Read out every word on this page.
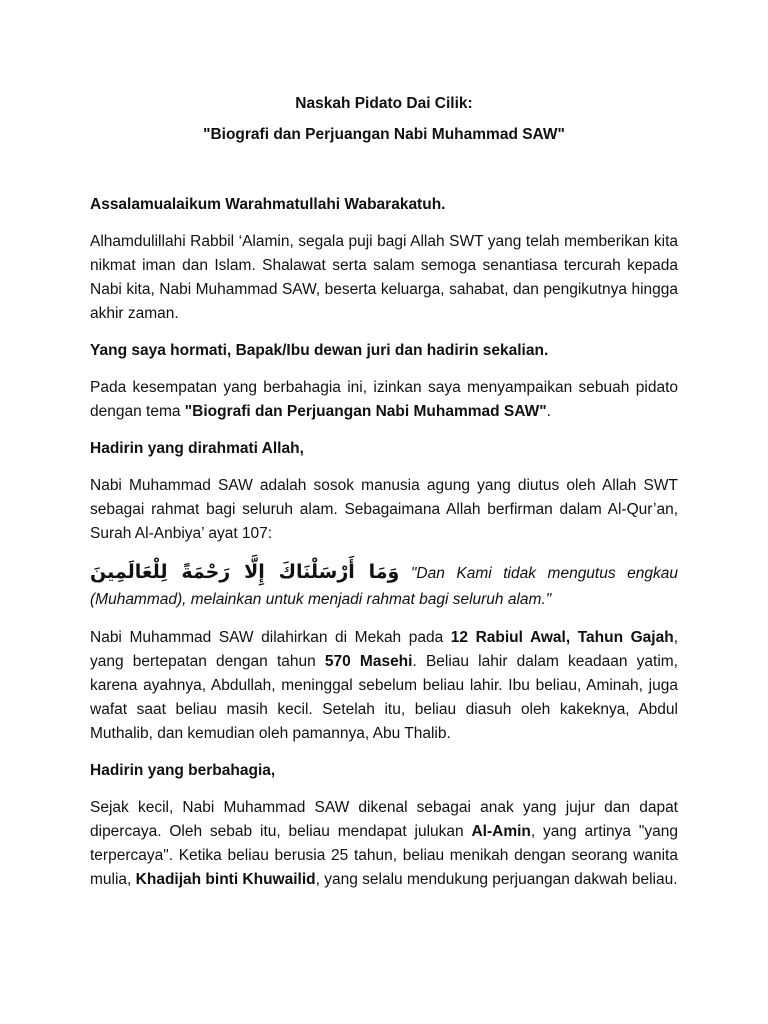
Naskah Pidato Dai Cilik:

"Biografi dan Perjuangan Nabi Muhammad SAW"

Assalamualaikum Warahmatullahi Wabarakatuh.

Alhamdulillahi Rabbil ‘Alamin, segala puji bagi Allah SWT yang telah memberikan kita nikmat iman dan Islam. Shalawat serta salam semoga senantiasa tercurah kepada Nabi kita, Nabi Muhammad SAW, beserta keluarga, sahabat, dan pengikutnya hingga akhir zaman.

Yang saya hormati, Bapak/Ibu dewan juri dan hadirin sekalian.

Pada kesempatan yang berbahagia ini, izinkan saya menyampaikan sebuah pidato dengan tema "Biografi dan Perjuangan Nabi Muhammad SAW".

Hadirin yang dirahmati Allah,

Nabi Muhammad SAW adalah sosok manusia agung yang diutus oleh Allah SWT sebagai rahmat bagi seluruh alam. Sebagaimana Allah berfirman dalam Al-Qur’an, Surah Al-Anbiya’ ayat 107:

وَمَا أَرْسَلْنَاكَ إِلَّا رَحْمَةً لِلْعَالَمِينَ "Dan Kami tidak mengutus engkau (Muhammad), melainkan untuk menjadi rahmat bagi seluruh alam."

Nabi Muhammad SAW dilahirkan di Mekah pada 12 Rabiul Awal, Tahun Gajah, yang bertepatan dengan tahun 570 Masehi. Beliau lahir dalam keadaan yatim, karena ayahnya, Abdullah, meninggal sebelum beliau lahir. Ibu beliau, Aminah, juga wafat saat beliau masih kecil. Setelah itu, beliau diasuh oleh kakeknya, Abdul Muthalib, dan kemudian oleh pamannya, Abu Thalib.

Hadirin yang berbahagia,

Sejak kecil, Nabi Muhammad SAW dikenal sebagai anak yang jujur dan dapat dipercaya. Oleh sebab itu, beliau mendapat julukan Al-Amin, yang artinya "yang terpercaya". Ketika beliau berusia 25 tahun, beliau menikah dengan seorang wanita mulia, Khadijah binti Khuwailid, yang selalu mendukung perjuangan dakwah beliau.
